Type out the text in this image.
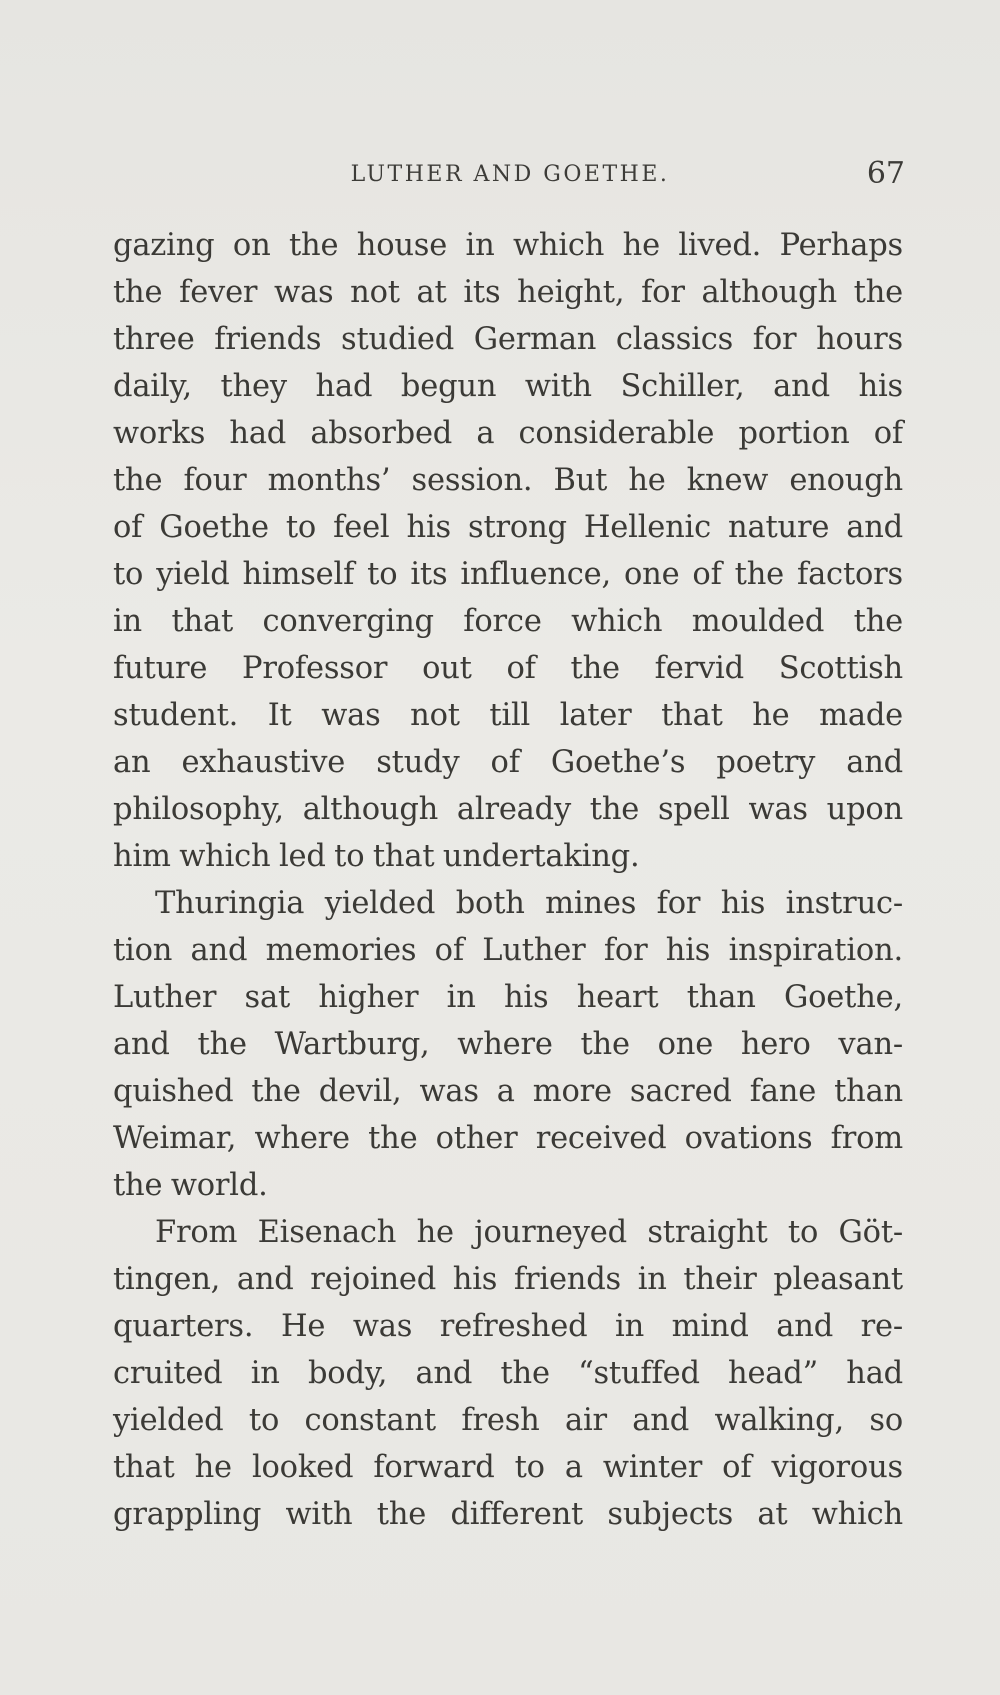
LUTHER AND GOETHE.	67
gazing on the house in which he lived. Perhaps
the fever was not at its height, for although the
three friends studied German classics for hours
daily, they had begun with Schiller, and his
works had absorbed a considerable portion of
the four months’ session. But he knew enough
of Goethe to feel his strong Hellenic nature and
to yield himself to its influence, one of the factors
in that converging force which moulded the
future Professor out of the fervid Scottish
student. It was not till later that he made
an exhaustive study of Goethe’s poetry and
philosophy, although already the spell was upon
him which led to that undertaking.
Thuringia yielded both mines for his instruc-
tion and memories of Luther for his inspiration.
Luther sat higher in his heart than Goethe,
and the Wartburg, where the one hero van-
quished the devil, was a more sacred fane than
Weimar, where the other received ovations from
the world.
From Eisenach he journeyed straight to Göt-
tingen, and rejoined his friends in their pleasant
quarters. He was refreshed in mind and re-
cruited in body, and the “stuffed head” had
yielded to constant fresh air and walking, so
that he looked forward to a winter of vigorous
grappling with the different subjects at which
